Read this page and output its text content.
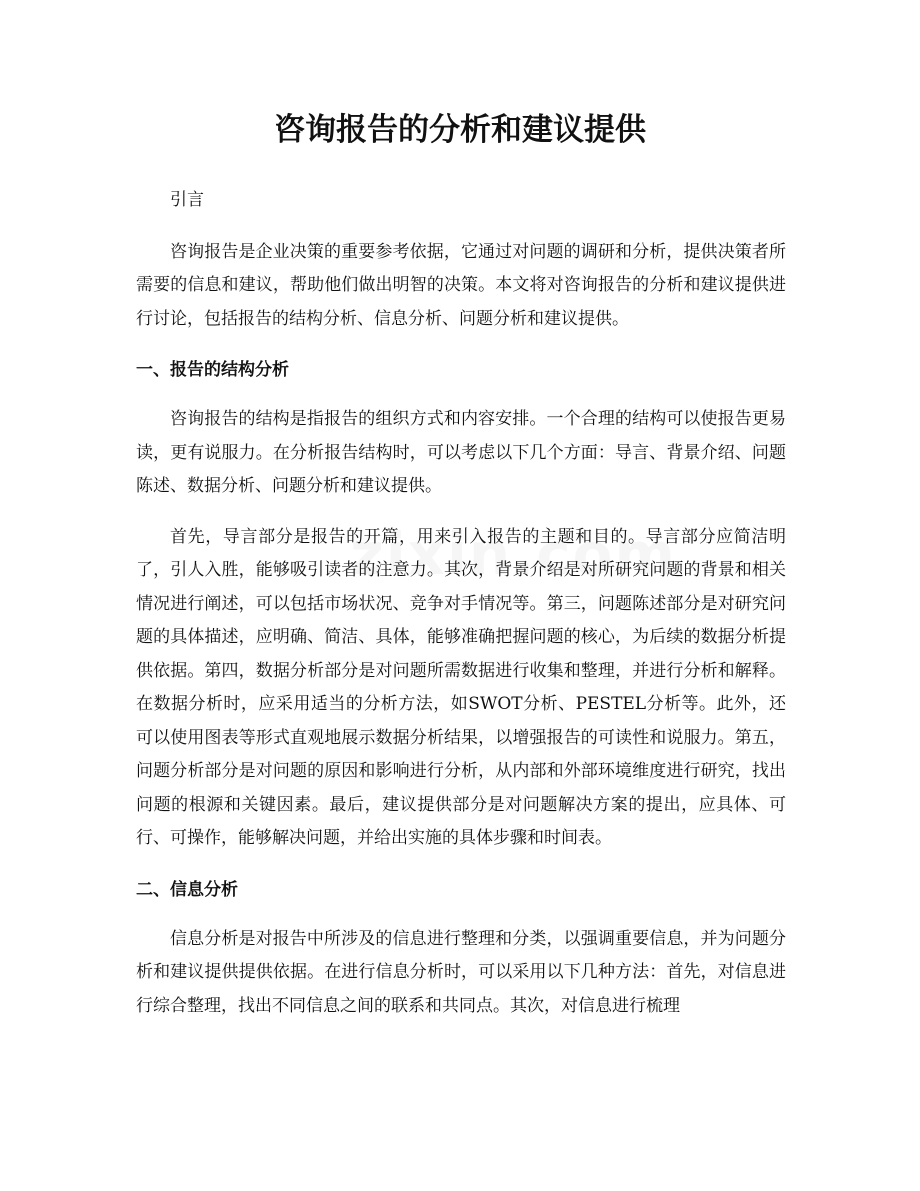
咨询报告的分析和建议提供

引言

咨询报告是企业决策的重要参考依据，它通过对问题的调研和分析，提供决策者所需要的信息和建议，帮助他们做出明智的决策。本文将对咨询报告的分析和建议提供进行讨论，包括报告的结构分析、信息分析、问题分析和建议提供。

一、报告的结构分析

咨询报告的结构是指报告的组织方式和内容安排。一个合理的结构可以使报告更易读，更有说服力。在分析报告结构时，可以考虑以下几个方面：导言、背景介绍、问题陈述、数据分析、问题分析和建议提供。

首先，导言部分是报告的开篇，用来引入报告的主题和目的。导言部分应简洁明了，引人入胜，能够吸引读者的注意力。其次，背景介绍是对所研究问题的背景和相关情况进行阐述，可以包括市场状况、竞争对手情况等。第三，问题陈述部分是对研究问题的具体描述，应明确、简洁、具体，能够准确把握问题的核心，为后续的数据分析提供依据。第四，数据分析部分是对问题所需数据进行收集和整理，并进行分析和解释。在数据分析时，应采用适当的分析方法，如SWOT分析、PESTEL分析等。此外，还可以使用图表等形式直观地展示数据分析结果，以增强报告的可读性和说服力。第五，问题分析部分是对问题的原因和影响进行分析，从内部和外部环境维度进行研究，找出问题的根源和关键因素。最后，建议提供部分是对问题解决方案的提出，应具体、可行、可操作，能够解决问题，并给出实施的具体步骤和时间表。

二、信息分析

信息分析是对报告中所涉及的信息进行整理和分类，以强调重要信息，并为问题分析和建议提供提供依据。在进行信息分析时，可以采用以下几种方法：首先，对信息进行综合整理，找出不同信息之间的联系和共同点。其次，对信息进行梳理
